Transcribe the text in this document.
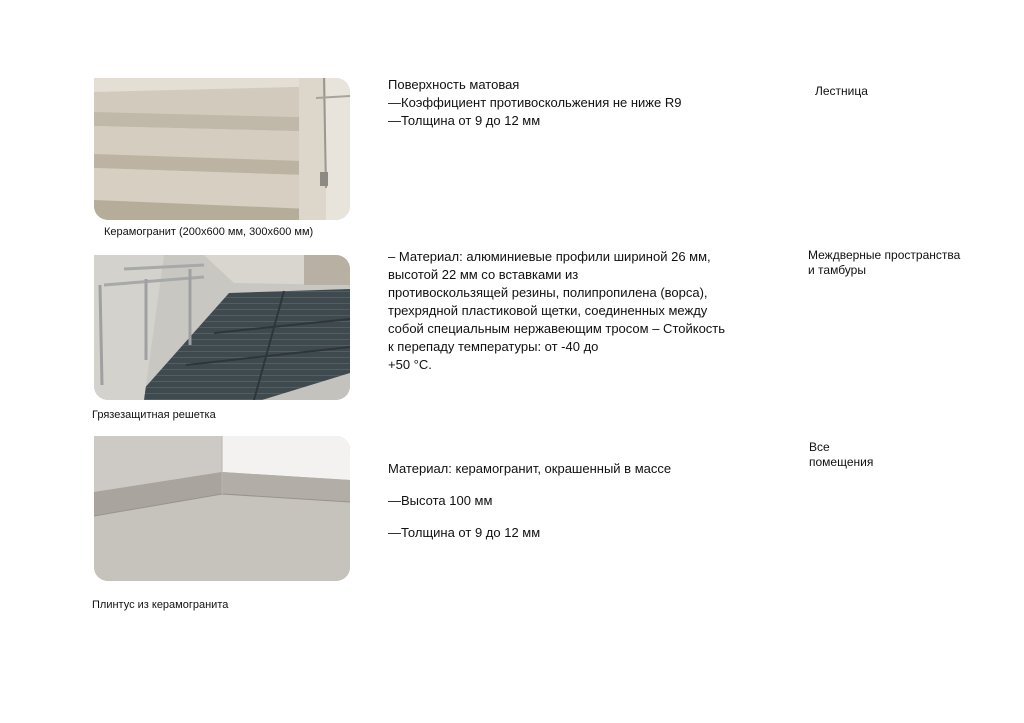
Керамогранит (200x600 мм, 300x600 мм)
Поверхность матовая
—Коэффициент противоскольжения не ниже R9
—Толщина от 9 до 12 мм
Лестница
Грязезащитная решетка
– Материал: алюминиевые профили шириной 26 мм,
высотой 22 мм со вставками из
противоскользящей резины, полипропилена (ворса),
трехрядной пластиковой щетки, соединенных между
собой специальным нержавеющим тросом – Стойкость
к перепаду температуры: от -40 до
+50 °C.
Междверные пространства
и тамбуры
Плинтус из керамогранита
Материал: керамогранит, окрашенный в массе
—Высота 100 мм
—Толщина от 9 до 12 мм
Все
помещения
